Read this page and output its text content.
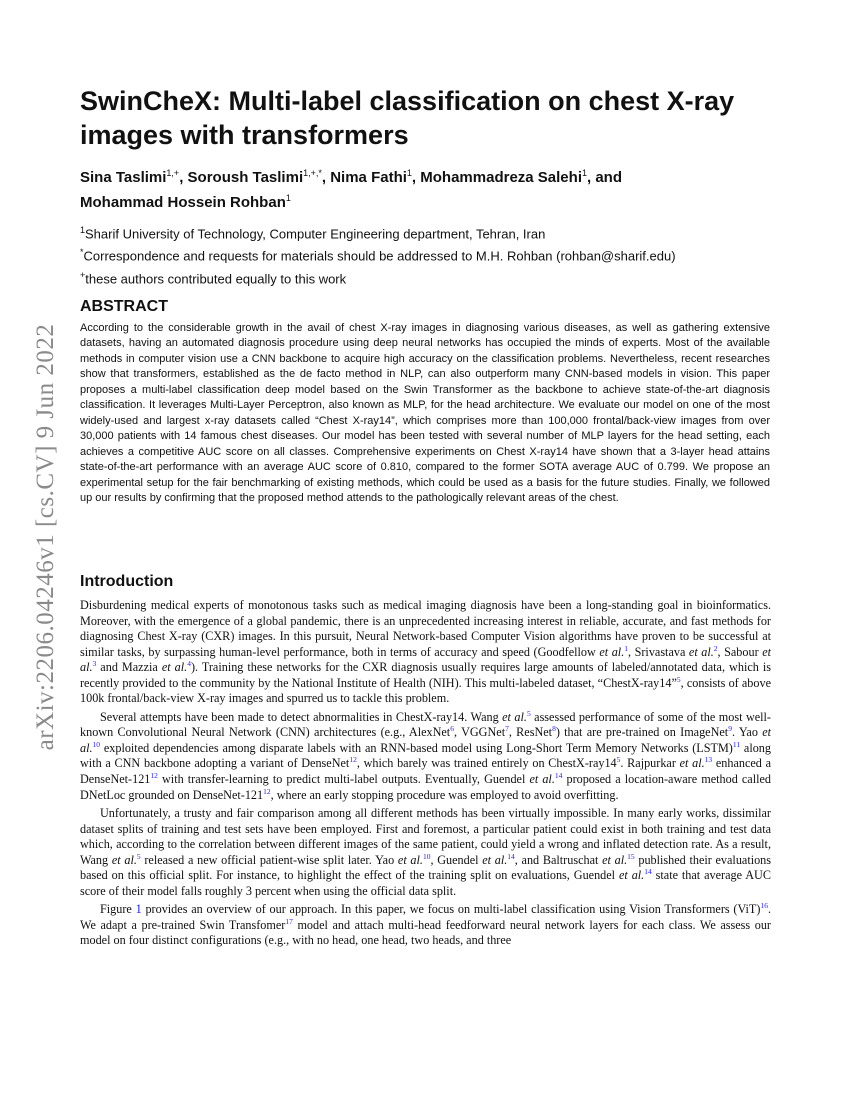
arXiv:2206.04246v1 [cs.CV] 9 Jun 2022
SwinCheX: Multi-label classification on chest X-ray images with transformers

Sina Taslimi$^{1,+}$, Soroush Taslimi$^{1,+,*}$, Nima Fathi$^1$, Mohammadreza Salehi$^1$, and
Mohammad Hossein Rohban$^1$

$^1$Sharif University of Technology, Computer Engineering department, Tehran, Iran

*Correspondence and requests for materials should be addressed to M.H. Rohban (rohban@sharif.edu)

+these authors contributed equally to this work

ABSTRACT

According to the considerable growth in the avail of chest X-ray images in diagnosing various diseases, as well as gathering extensive datasets, having an automated diagnosis procedure using deep neural networks has occupied the minds of experts. Most of the available methods in computer vision use a CNN backbone to acquire high accuracy on the classification problems. Nevertheless, recent researches show that transformers, established as the de facto method in NLP, can also outperform many CNN-based models in vision. This paper proposes a multi-label classification deep model based on the Swin Transformer as the backbone to achieve state-of-the-art diagnosis classification. It leverages Multi-Layer Perceptron, also known as MLP, for the head architecture. We evaluate our model on one of the most widely-used and largest x-ray datasets called “Chest X-ray14”, which comprises more than 100,000 frontal/back-view images from over 30,000 patients with 14 famous chest diseases. Our model has been tested with several number of MLP layers for the head setting, each achieves a competitive AUC score on all classes. Comprehensive experiments on Chest X-ray14 have shown that a 3-layer head attains state-of-the-art performance with an average AUC score of 0.810, compared to the former SOTA average AUC of 0.799. We propose an experimental setup for the fair benchmarking of existing methods, which could be used as a basis for the future studies. Finally, we followed up our results by confirming that the proposed method attends to the pathologically relevant areas of the chest.

Introduction

Disburdening medical experts of monotonous tasks such as medical imaging diagnosis have been a long-standing goal in bioinformatics. Moreover, with the emergence of a global pandemic, there is an unprecedented increasing interest in reliable, accurate, and fast methods for diagnosing Chest X-ray (CXR) images. In this pursuit, Neural Network-based Computer Vision algorithms have proven to be successful at similar tasks, by surpassing human-level performance, both in terms of accuracy and speed (Goodfellow et al.$^1$, Srivastava et al.$^2$, Sabour et al.$^3$ and Mazzia et al.$^4$). Training these networks for the CXR diagnosis usually requires large amounts of labeled/annotated data, which is recently provided to the community by the National Institute of Health (NIH). This multi-labeled dataset, “ChestX-ray14”$^5$, consists of above 100k frontal/back-view X-ray images and spurred us to tackle this problem.

Several attempts have been made to detect abnormalities in ChestX-ray14. Wang et al.$^5$ assessed performance of some of the most well-known Convolutional Neural Network (CNN) architectures (e.g., AlexNet$^6$, VGGNet$^7$, ResNet$^8$) that are pre-trained on ImageNet$^9$. Yao et al.$^{10}$ exploited dependencies among disparate labels with an RNN-based model using Long-Short Term Memory Networks (LSTM)$^{11}$ along with a CNN backbone adopting a variant of DenseNet$^{12}$, which barely was trained entirely on ChestX-ray14$^5$. Rajpurkar et al.$^{13}$ enhanced a DenseNet-121$^{12}$ with transfer-learning to predict multi-label outputs. Eventually, Guendel et al.$^{14}$ proposed a location-aware method called DNetLoc grounded on DenseNet-121$^{12}$, where an early stopping procedure was employed to avoid overfitting.

Unfortunately, a trusty and fair comparison among all different methods has been virtually impossible. In many early works, dissimilar dataset splits of training and test sets have been employed. First and foremost, a particular patient could exist in both training and test data which, according to the correlation between different images of the same patient, could yield a wrong and inflated detection rate. As a result, Wang et al.$^5$ released a new official patient-wise split later. Yao et al.$^{10}$, Guendel et al.$^{14}$, and Baltruschat et al.$^{15}$ published their evaluations based on this official split. For instance, to highlight the effect of the training split on evaluations, Guendel et al.$^{14}$ state that average AUC score of their model falls roughly 3 percent when using the official data split.

Figure 1 provides an overview of our approach. In this paper, we focus on multi-label classification using Vision Transformers (ViT)$^{16}$. We adapt a pre-trained Swin Transfomer$^{17}$ model and attach multi-head feedforward neural network layers for each class. We assess our model on four distinct configurations (e.g., with no head, one head, two heads, and three
